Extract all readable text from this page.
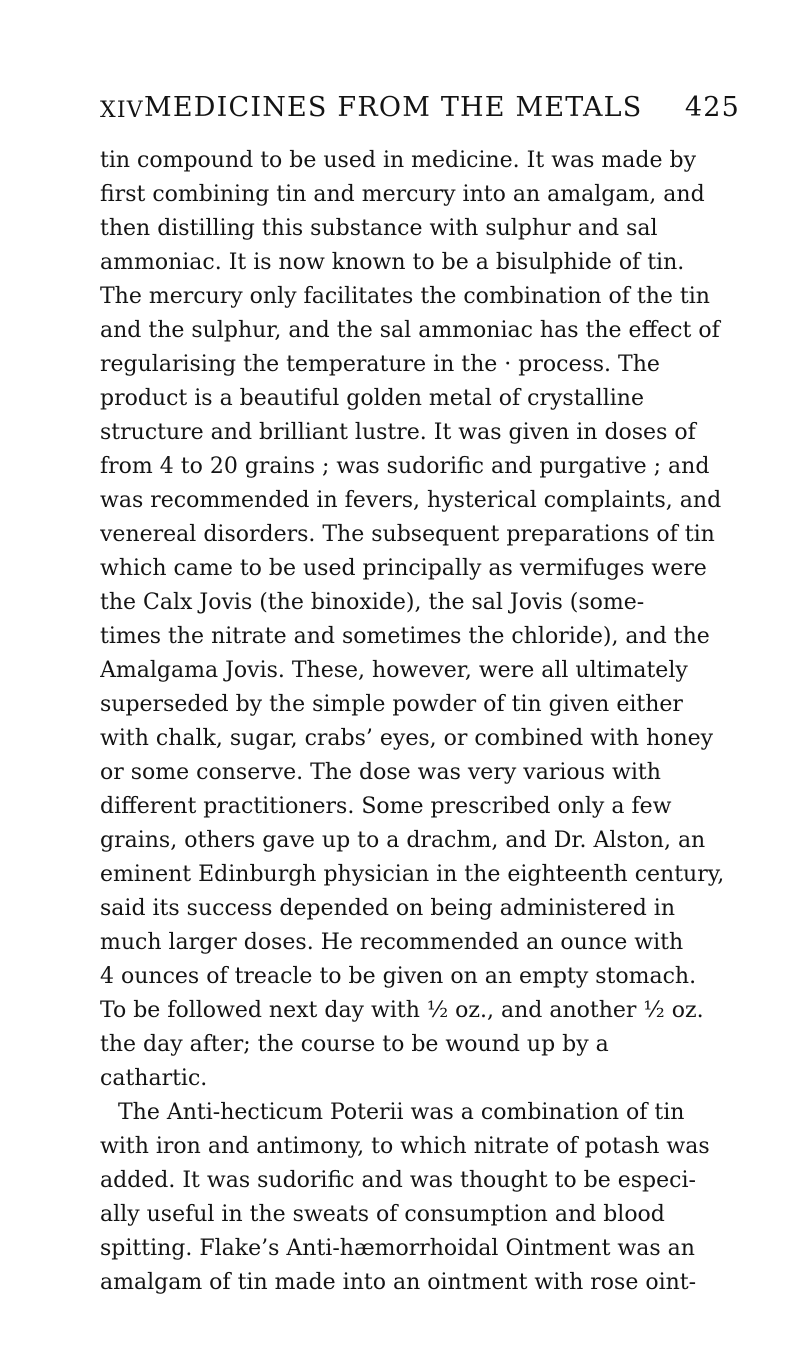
XIV MEDICINES FROM THE METALS 425
tin compound to be used in medicine. It was made by
first combining tin and mercury into an amalgam, and
then distilling this substance with sulphur and sal
ammoniac. It is now known to be a bisulphide of tin.
The mercury only facilitates the combination of the tin
and the sulphur, and the sal ammoniac has the effect of
regularising the temperature in the · process. The
product is a beautiful golden metal of crystalline
structure and brilliant lustre. It was given in doses of
from 4 to 20 grains ; was sudorific and purgative ; and
was recommended in fevers, hysterical complaints, and
venereal disorders. The subsequent preparations of tin
which came to be used principally as vermifuges were
the Calx Jovis (the binoxide), the sal Jovis (some-
times the nitrate and sometimes the chloride), and the
Amalgama Jovis. These, however, were all ultimately
superseded by the simple powder of tin given either
with chalk, sugar, crabs’ eyes, or combined with honey
or some conserve. The dose was very various with
different practitioners. Some prescribed only a few
grains, others gave up to a drachm, and Dr. Alston, an
eminent Edinburgh physician in the eighteenth century,
said its success depended on being administered in
much larger doses. He recommended an ounce with
4 ounces of treacle to be given on an empty stomach.
To be followed next day with ½ oz., and another ½ oz.
the day after; the course to be wound up by a
cathartic.
The Anti-hecticum Poterii was a combination of tin
with iron and antimony, to which nitrate of potash was
added. It was sudorific and was thought to be especi-
ally useful in the sweats of consumption and blood
spitting. Flake’s Anti-hæmorrhoidal Ointment was an
amalgam of tin made into an ointment with rose oint-
